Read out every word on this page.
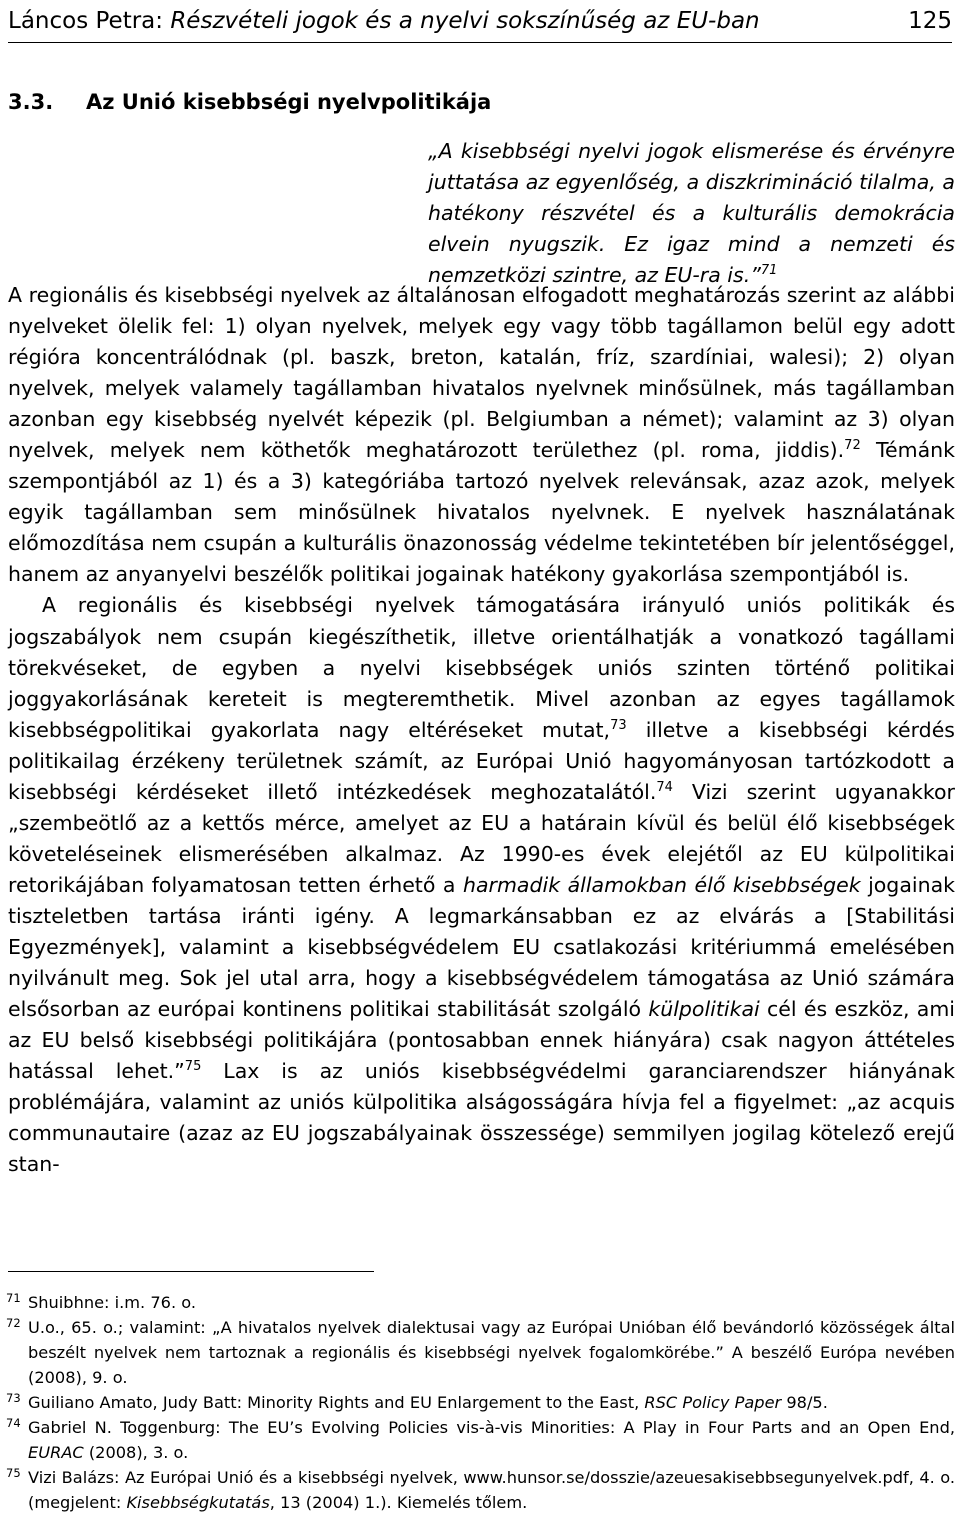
Láncos Petra: Részvételi jogok és a nyelvi sokszínűség az EU-ban	125
3.3. Az Unió kisebbségi nyelvpolitikája
„A kisebbségi nyelvi jogok elismerése és érvényre juttatása az egyenlőség, a diszkrimináció tilalma, a hatékony részvétel és a kulturális demokrácia elvein nyugszik. Ez igaz mind a nemzeti és nemzetközi szintre, az EU-ra is.”$^{71}$

A regionális és kisebbségi nyelvek az általánosan elfogadott meghatározás szerint az alábbi nyelveket ölelik fel: 1) olyan nyelvek, melyek egy vagy több tagállamon belül egy adott régióra koncentrálódnak (pl. baszk, breton, katalán, fríz, szardíniai, walesi); 2) olyan nyelvek, melyek valamely tagállamban hivatalos nyelvnek minősülnek, más tagállamban azonban egy kisebbség nyelvét képezik (pl. Belgiumban a német); valamint az 3) olyan nyelvek, melyek nem köthetők meghatározott területhez (pl. roma, jiddis).$^{72}$ Témánk szempontjából az 1) és a 3) kategóriába tartozó nyelvek relevánsak, azaz azok, melyek egyik tagállamban sem minősülnek hivatalos nyelvnek. E nyelvek használatának előmozdítása nem csupán a kulturális önazonosság védelme tekintetében bír jelentőséggel, hanem az anyanyelvi beszélők politikai jogainak hatékony gyakorlása szempontjából is.

A regionális és kisebbségi nyelvek támogatására irányuló uniós politikák és jogszabályok nem csupán kiegészíthetik, illetve orientálhatják a vonatkozó tagállami törekvéseket, de egyben a nyelvi kisebbségek uniós szinten történő politikai joggyakorlásának kereteit is megteremthetik. Mivel azonban az egyes tagállamok kisebbségpolitikai gyakorlata nagy eltéréseket mutat,$^{73}$ illetve a kisebbségi kérdés politikailag érzékeny területnek számít, az Európai Unió hagyományosan tartózkodott a kisebbségi kérdéseket illető intézkedések meghozatalától.$^{74}$ Vizi szerint ugyanakkor „szembeötlő az a kettős mérce, amelyet az EU a határain kívül és belül élő kisebbségek követeléseinek elismerésében alkalmaz. Az 1990-es évek elejétől az EU külpolitikai retorikájában folyamatosan tetten érhető a harmadik államokban élő kisebbségek jogainak tiszteletben tartása iránti igény. A legmarkánsabban ez az elvárás a [Stabilitási Egyezmények], valamint a kisebbségvédelem EU csatlakozási kritériummá emelésében nyilvánult meg. Sok jel utal arra, hogy a kisebbségvédelem támogatása az Unió számára elsősorban az európai kontinens politikai stabilitását szolgáló külpolitikai cél és eszköz, ami az EU belső kisebbségi politikájára (pontosabban ennek hiányára) csak nagyon áttételes hatással lehet.”$^{75}$ Lax is az uniós kisebbségvédelmi garanciarendszer hiányának problémájára, valamint az uniós külpolitika alságosságára hívja fel a figyelmet: „az acquis communautaire (azaz az EU jogszabályainak összessége) semmilyen jogilag kötelező erejű stan-

71 Shuibhne: i.m. 76. o.

72 U.o., 65. o.; valamint: „A hivatalos nyelvek dialektusai vagy az Európai Unióban élő bevándorló közösségek által beszélt nyelvek nem tartoznak a regionális és kisebbségi nyelvek fogalomkörébe.” A beszélő Európa nevében (2008), 9. o.

73 Guiliano Amato, Judy Batt: Minority Rights and EU Enlargement to the East, RSC Policy Paper 98/5.

74 Gabriel N. Toggenburg: The EU’s Evolving Policies vis-à-vis Minorities: A Play in Four Parts and an Open End, EURAC (2008), 3. o.

75 Vizi Balázs: Az Európai Unió és a kisebbségi nyelvek, www.hunsor.se/dosszie/azeuesakisebbsegunyelvek.pdf, 4. o. (megjelent: Kisebbségkutatás, 13 (2004) 1.). Kiemelés tőlem.
